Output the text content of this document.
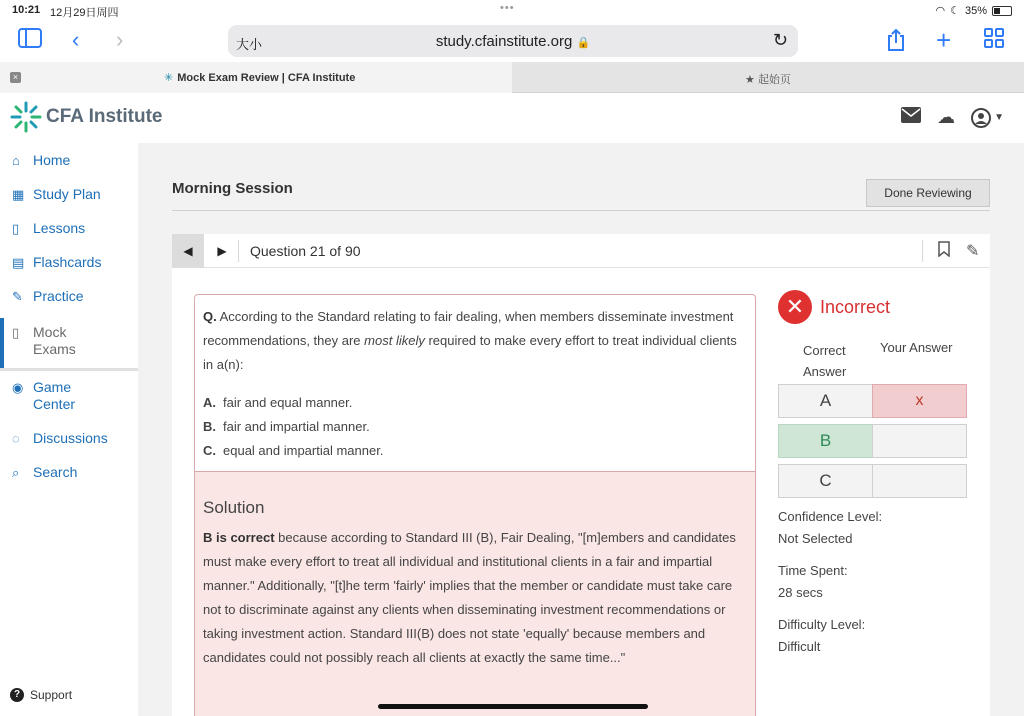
10:21 12月29日周四	•••	◠ ☾ 35%
‹ ›	大小	study.cfainstitute.org 🔒	↻	+
×	✳ Mock Exam Review | CFA Institute	★ 起始页
CFA Institute	☁	▼
⌂ Home
▦ Study Plan
▯ Lessons
▤ Flashcards
✎ Practice
▯ Mock Exams
◉ Game Center
◌ Discussions
⌕ Search
? Support
Morning Session	Done Reviewing
◀	▶	Question 21 of 90	✎
Q. According to the Standard relating to fair dealing, when members disseminate investment recommendations, they are most likely required to make every effort to treat individual clients in a(n):
A. fair and equal manner.
B. fair and impartial manner.
C. equal and impartial manner.
Solution
B is correct because according to Standard III (B), Fair Dealing, "[m]embers and candidates must make every effort to treat all individual and institutional clients in a fair and impartial manner." Additionally, "[t]he term 'fairly' implies that the member or candidate must take care not to discriminate against any clients when disseminating investment recommendations or taking investment action. Standard III(B) does not state 'equally' because members and candidates could not possibly reach all clients at exactly the same time..."
✕ Incorrect
Correct Answer
Your Answer
A	x
B
C
Confidence Level:
Not Selected
Time Spent:
28 secs
Difficulty Level:
Difficult
